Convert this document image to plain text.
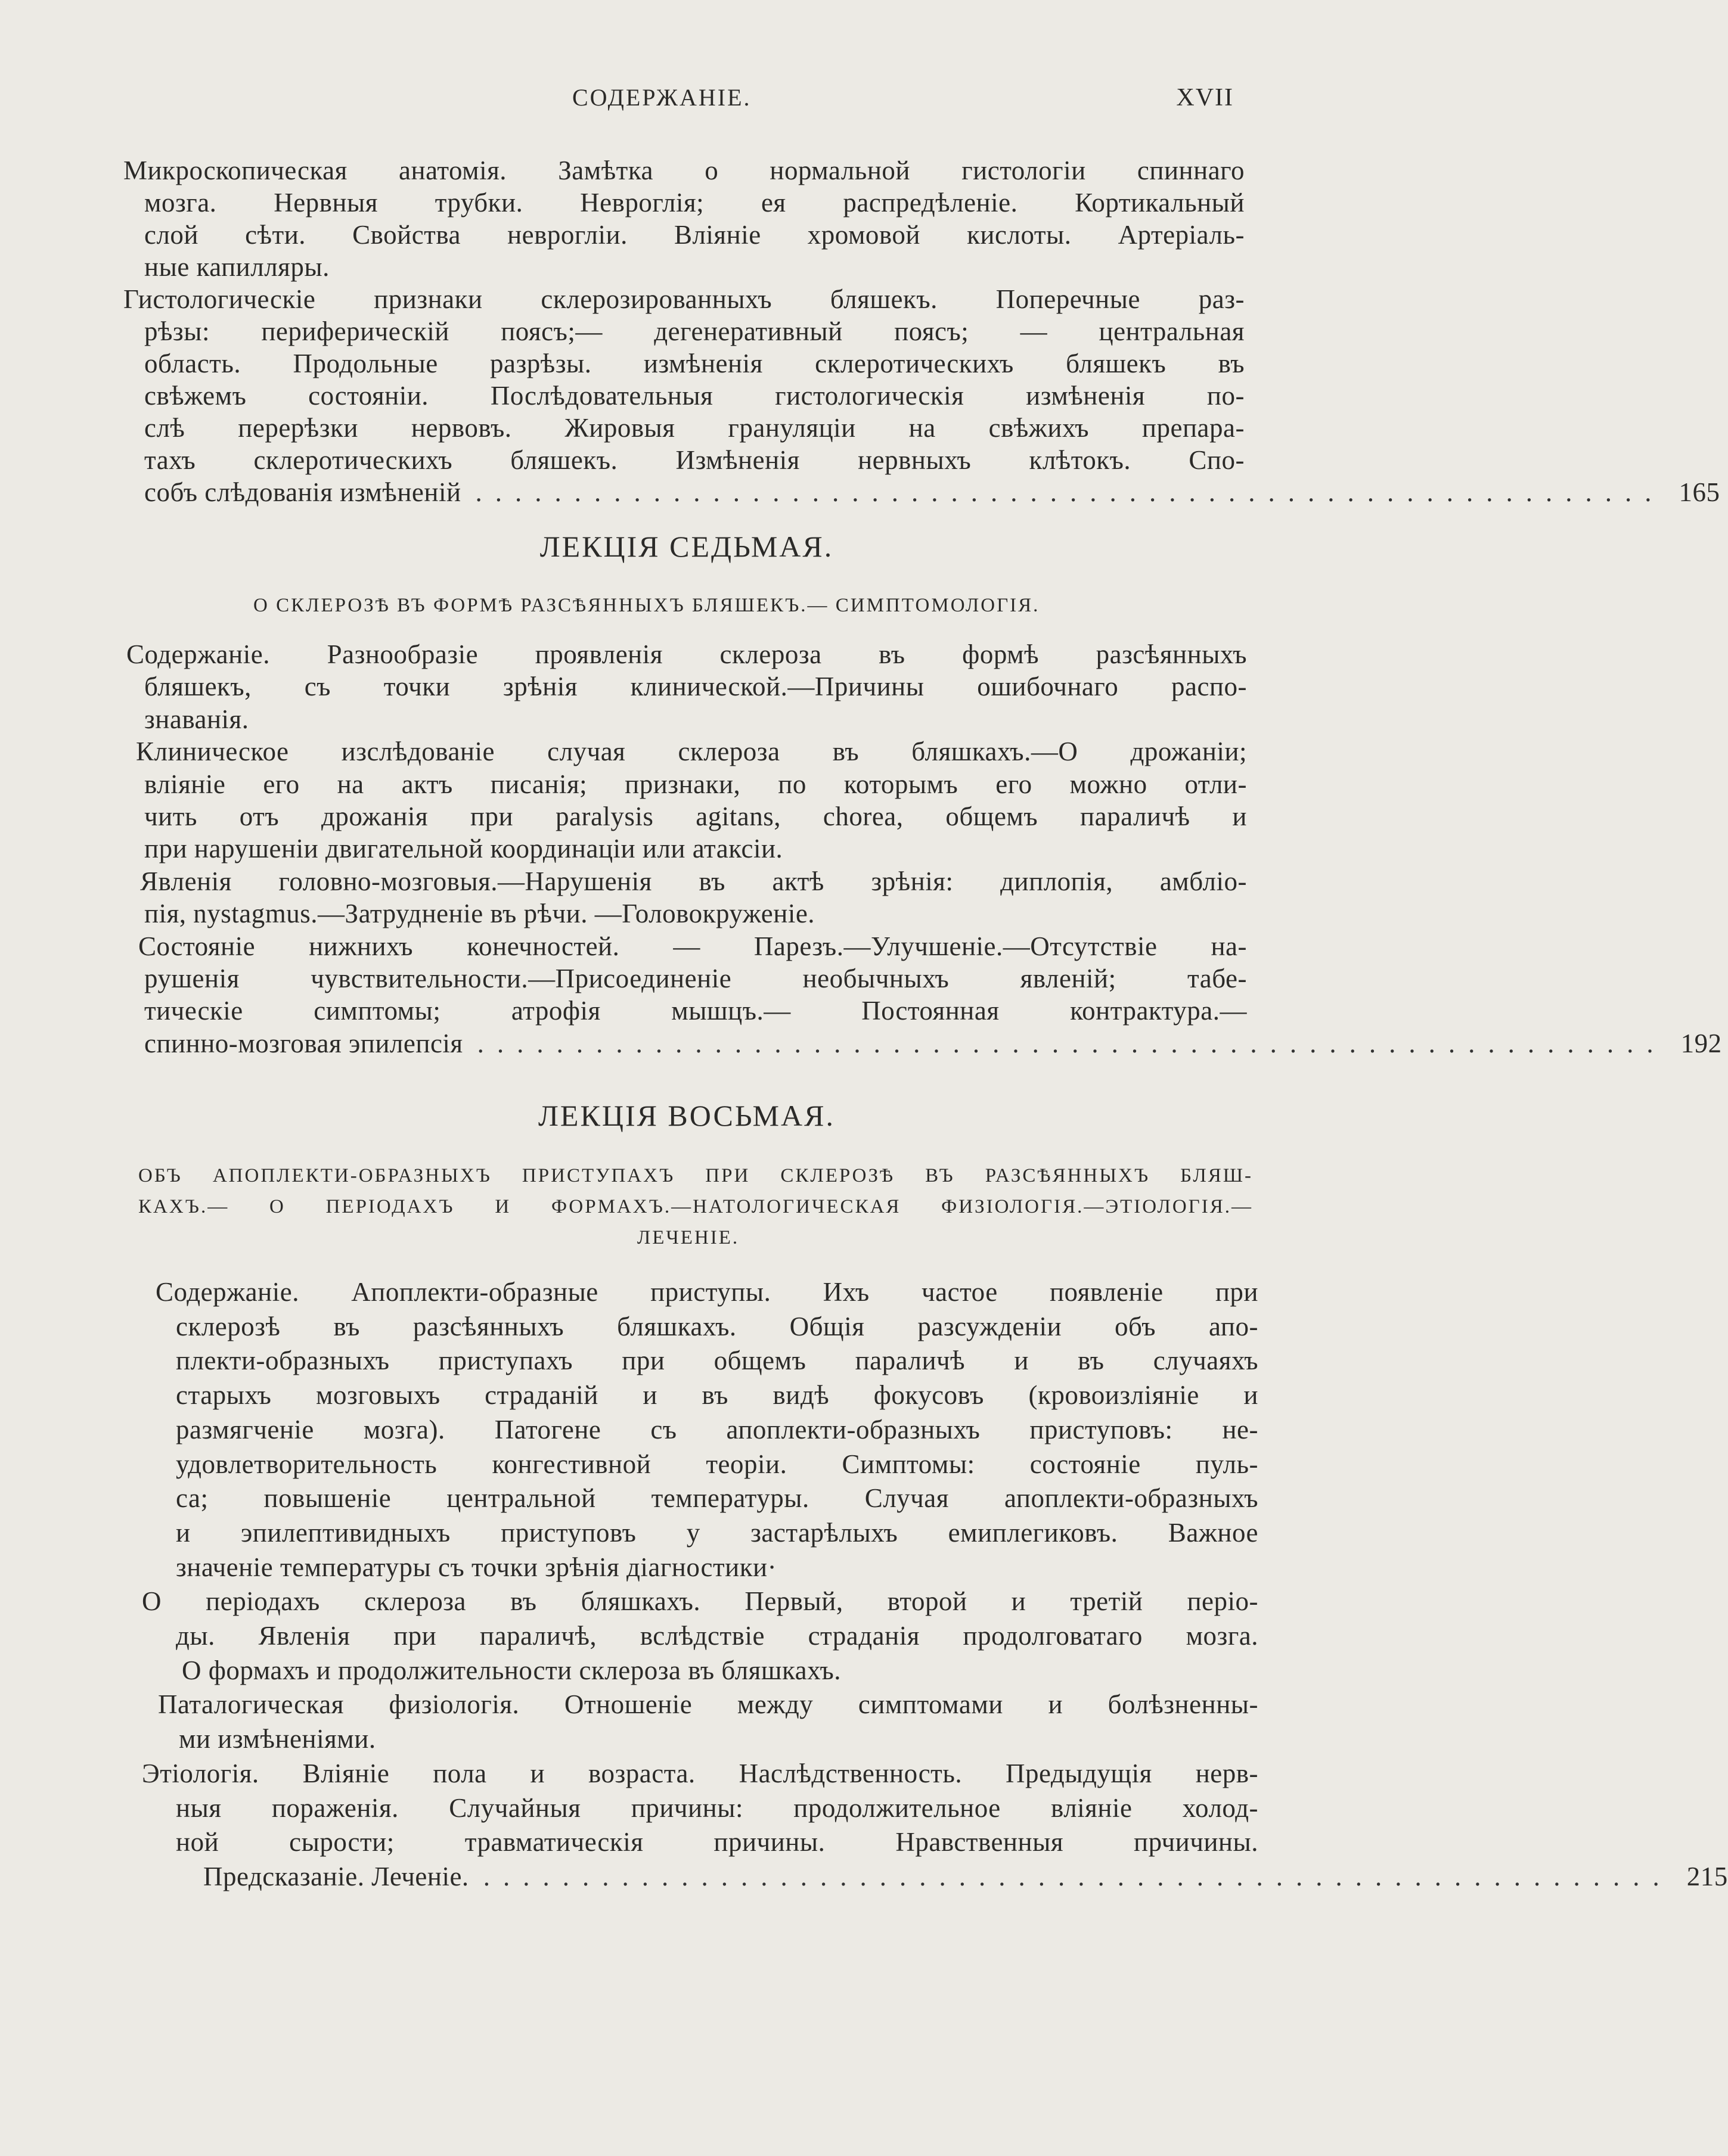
СОДЕРЖАНІЕ.	XVII
Микроскопическая анатомія. Замѣтка о нормальной гистологіи спиннаго
мозга. Нервныя трубки. Невроглія; ея распредѣленіе. Кортикальный
слой сѣти. Свойства неврогліи. Вліяніе хромовой кислоты. Артеріаль-
ные капилляры.
Гистологическіе признаки склерозированныхъ бляшекъ. Поперечные раз-
рѣзы: периферическій поясъ;— дегенеративный поясъ; — центральная
область. Продольные разрѣзы. измѣненія склеротическихъ бляшекъ въ
свѣжемъ состояніи. Послѣдовательныя гистологическія измѣненія по-
слѣ перерѣзки нервовъ. Жировыя грануляціи на свѣжихъ препара-
тахъ склеротическихъ бляшекъ. Измѣненія нервныхъ клѣтокъ. Спо-
собъ слѣдованія измѣненій ............................................................ 165
ЛЕКЦІЯ СЕДЬМАЯ.
О СКЛЕРОЗѢ ВЪ ФОРМѢ РАЗСѢЯННЫХЪ БЛЯШЕКЪ.— СИМПТОМОЛОГІЯ.
Содержаніе. Разнообразіе проявленія склероза въ формѣ разсѣянныхъ
бляшекъ, съ точки зрѣнія клинической.—Причины ошибочнаго распо-
знаванія.
Клиническое изслѣдованіе случая склероза въ бляшкахъ.—О дрожаніи;
вліяніе его на актъ писанія; признаки, по которымъ его можно отли-
чить отъ дрожанія при paralysis agitans, chorea, общемъ параличѣ и
при нарушеніи двигательной координаціи или атаксіи.
Явленія головно-мозговыя.—Нарушенія въ актѣ зрѣнія: диплопія, амбліо-
пія, nystagmus.—Затрудненіе въ рѣчи. —Головокруженіе.
Состояніе нижнихъ конечностей. — Парезъ.—Улучшеніе.—Отсутствіе на-
рушенія чувствительности.—Присоединеніе необычныхъ явленій; табе-
тическіе симптомы; атрофія мышцъ.— Постоянная контрактура.—
спинно-мозговая эпилепсія ............................................................ 192
ЛЕКЦІЯ ВОСЬМАЯ.
ОБЪ АПОПЛЕКТИ-ОБРАЗНЫХЪ ПРИСТУПАХЪ ПРИ СКЛЕРОЗѢ ВЪ РАЗСѢЯННЫХЪ БЛЯШ-
КАХЪ.— О ПЕРІОДАХЪ И ФОРМАХЪ.—НАТОЛОГИЧЕСКАЯ ФИЗІОЛОГІЯ.—ЭТІОЛОГІЯ.—
ЛЕЧЕНІЕ.
Содержаніе. Апоплекти-образные приступы. Ихъ частое появленіе при
склерозѣ въ разсѣянныхъ бляшкахъ. Общія разсужденіи объ апо-
плекти-образныхъ приступахъ при общемъ параличѣ и въ случаяхъ
старыхъ мозговыхъ страданій и въ видѣ фокусовъ (кровоизліяніе и
размягченіе мозга). Патогене съ апоплекти-образныхъ приступовъ: не-
удовлетворительность конгестивной теоріи. Симптомы: состояніе пуль-
са; повышеніе центральной температуры. Случая апоплекти-образныхъ
и эпилептивидныхъ приступовъ у застарѣлыхъ емиплегиковъ. Важное
значеніе температуры съ точки зрѣнія діагностики·
О періодахъ склероза въ бляшкахъ. Первый, второй и третій періо-
ды. Явленія при параличѣ, вслѣдствіе страданія продолговатаго мозга.
О формахъ и продолжительности склероза въ бляшкахъ.
Паталогическая физіологія. Отношеніе между симптомами и болѣзненны-
ми измѣненіями.
Этіологія. Вліяніе пола и возраста. Наслѣдственность. Предыдущія нерв-
ныя пораженія. Случайныя причины: продолжительное вліяніе холод-
ной сырости; травматическія причины. Нравственныя прчичины.
Предсказаніе. Леченіе. ............................................................ 215
